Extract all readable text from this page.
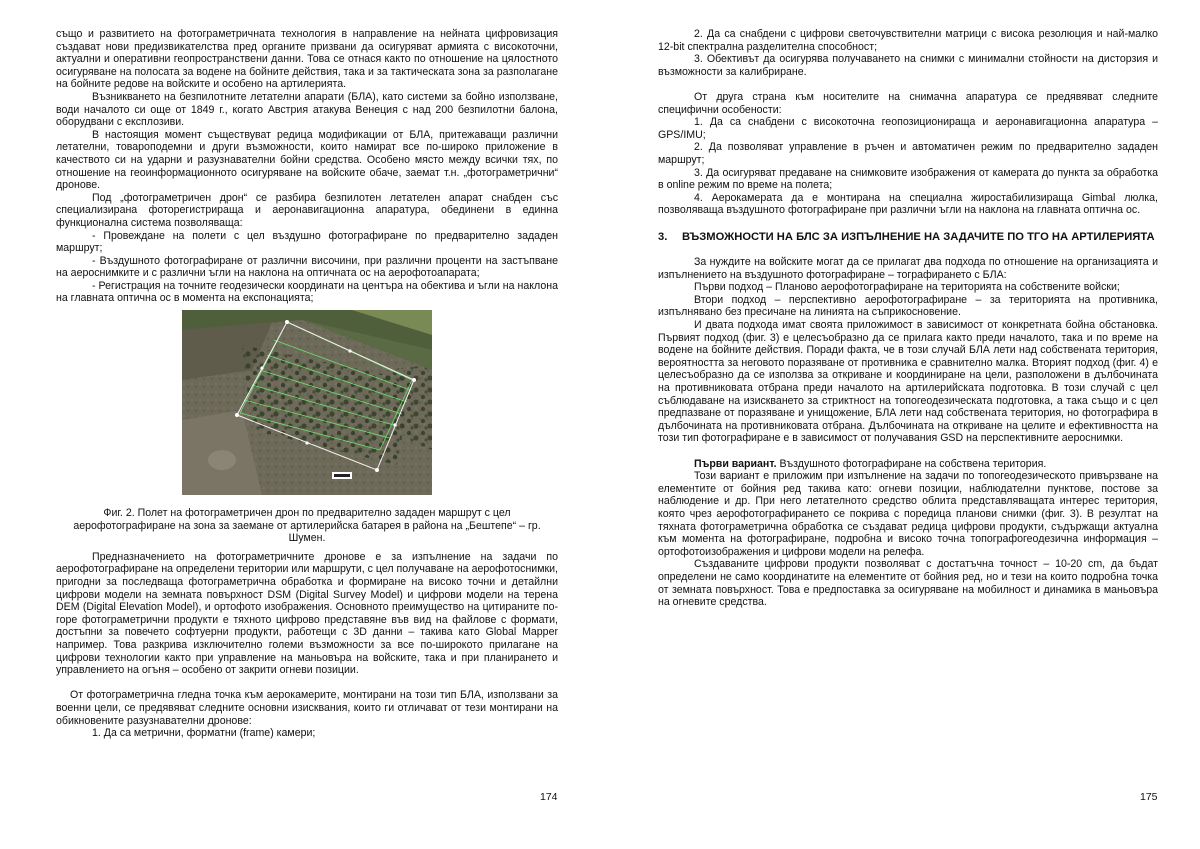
също и развитието на фотограметричната технология в направление на нейната цифровизация създават нови предизвикателства пред органите призвани да осигуряват армията с високоточни, актуални и оперативни геопространствени данни. Това се отнася както по отношение на цялостното осигуряване на полосата за водене на бойните действия, така и за тактическата зона за разполагане на бойните редове на войските и особено на артилерията.

Възникването на безпилотните летателни апарати (БЛА), като системи за бойно използване, води началото си още от 1849 г., когато Австрия атакува Венеция с над 200 безпилотни балона, оборудвани с експлозиви.

В настоящия момент съществуват редица модификации от БЛА, притежаващи различни летателни, товароподемни и други възможности, които намират все по-широко приложение в качеството си на ударни и разузнавателни бойни средства. Особено място между всички тях, по отношение на геоинформационното осигуряване на войските обаче, заемат т.н. „фотограметрични“ дронове.

Под „фотограметричен дрон“ се разбира безпилотен летателен апарат снабден със специализирана фоторегистрираща и аеронавигационна апаратура, обединени в единна функционална система позволяваща:

- Провеждане на полети с цел въздушно фотографиране по предварително зададен маршрут;

- Въздушното фотографиране от различни височини, при различни проценти на застъпване на аероснимките и с различни ъгли на наклона на оптичната ос на аерофотоапарата;

- Регистрация на точните геодезически координати на центъра на обектива и ъгли на наклона на главната оптична ос в момента на експонацията;

Фиг. 2. Полет на фотограметричен дрон по предварително зададен маршрут с цел

аерофотографиране на зона за заемане от артилерийска батарея в района на „Бештепе“ – гр.

Шумен.

Предназначението на фотограметричните дронове е за изпълнение на задачи по аерофотографиране на определени територии или маршрути, с цел получаване на аерофотоснимки, пригодни за последваща фотограметрична обработка и формиране на високо точни и детайлни цифрови модели на земната повърхност DSM (Digital Survey Model) и цифрови модели на терена DEM (Digital Elevation Model), и ортофото изображения. Основното преимущество на цитираните по-горе фотограметрични продукти е тяхното цифрово представяне във вид на файлове с формати, достъпни за повечето софтуерни продукти, работещи с 3D данни – такива като Global Mapper например. Това разкрива изключително големи възможности за все по-широкото прилагане на цифрови технологии както при управление на маньовъра на войските, така и при планирането и управлението на огъня – особено от закрити огневи позиции.

От фотограметрична гледна точка към аерокамерите, монтирани на този тип БЛА, използвани за военни цели, се предявяват следните основни изисквания, които ги отличават от тези монтирани на обикновените разузнавателни дронове:

1. Да са метрични, форматни (frame) камери;

174

2. Да са снабдени с цифрови светочувствителни матрици с висока резолюция и най-малко 12-bit спектрална разделителна способност;

3. Обективът да осигурява получаването на снимки с минимални стойности на дисторзия и възможности за калибриране.

От друга страна към носителите на снимачна апаратура се предявяват следните специфични особености:

1. Да са снабдени с високоточна геопозиционираща и аеронавигационна апаратура – GPS/IMU;

2. Да позволяват управление в ръчен и автоматичен режим по предварително зададен маршрут;

3. Да осигуряват предаване на снимковите изображения от камерата до пункта за обработка в online режим по време на полета;

4. Аерокамерата да е монтирана на специална жиростабилизираща Gimbal люлка, позволяваща въздушното фотографиране при различни ъгли на наклона на главната оптична ос.

3.	ВЪЗМОЖНОСТИ НА БЛС ЗА ИЗПЪЛНЕНИЕ НА ЗАДАЧИТЕ ПО ТГО НА АРТИЛЕРИЯТА

За нуждите на войските могат да се прилагат два подхода по отношение на организацията и изпълнението на въздушното фотографиране – тографирането с БЛА:

Първи подход – Планово аерофотографиране на територията на собствените войски;

Втори подход – перспективно аерофотографиране – за територията на противника, изпълнявано без пресичане на линията на съприкосновение.

И двата подхода имат своята приложимост в зависимост от конкретната бойна обстановка. Първият подход (фиг. 3) е целесъобразно да се прилага както преди началото, така и по време на водене на бойните действия. Поради факта, че в този случай БЛА лети над собствената територия, вероятността за неговото поразяване от противника е сравнително малка. Вторият подход (фиг. 4) е целесъобразно да се използва за откриване и координиране на цели, разположени в дълбочината на противниковата отбрана преди началото на артилерийската подготовка. В този случай с цел съблюдаване на изискването за стриктност на топогеодезическата подготовка, а така също и с цел предпазване от поразяване и унищожение, БЛА лети над собствената територия, но фотографира в дълбочината на противниковата отбрана. Дълбочината на откриване на целите и ефективността на този тип фотографиране е в зависимост от получавания GSD на перспективните аероснимки.

Първи вариант. Въздушното фотографиране на собствена територия.

Този вариант е приложим при изпълнение на задачи по топогеодезическото привързване на елементите от бойния ред такива като: огневи позиции, наблюдателни пунктове, постове за наблюдение и др. При него летателното средство облита представляващата интерес територия, която чрез аерофотографирането се покрива с поредица планови снимки (фиг. 3). В резултат на тяхната фотограметрична обработка се създават редица цифрови продукти, съдържащи актуална към момента на фотографиране, подробна и високо точна топографогеодезична информация – ортофотоизображения и цифрови модели на релефа.

Създаваните цифрови продукти позволяват с достатъчна точност – 10-20 cm, да бъдат определени не само координатите на елементите от бойния ред, но и тези на които подробна точка от земната повърхност. Това е предпоставка за осигуряване на мобилност и динамика в маньовъра на огневите средства.

175
